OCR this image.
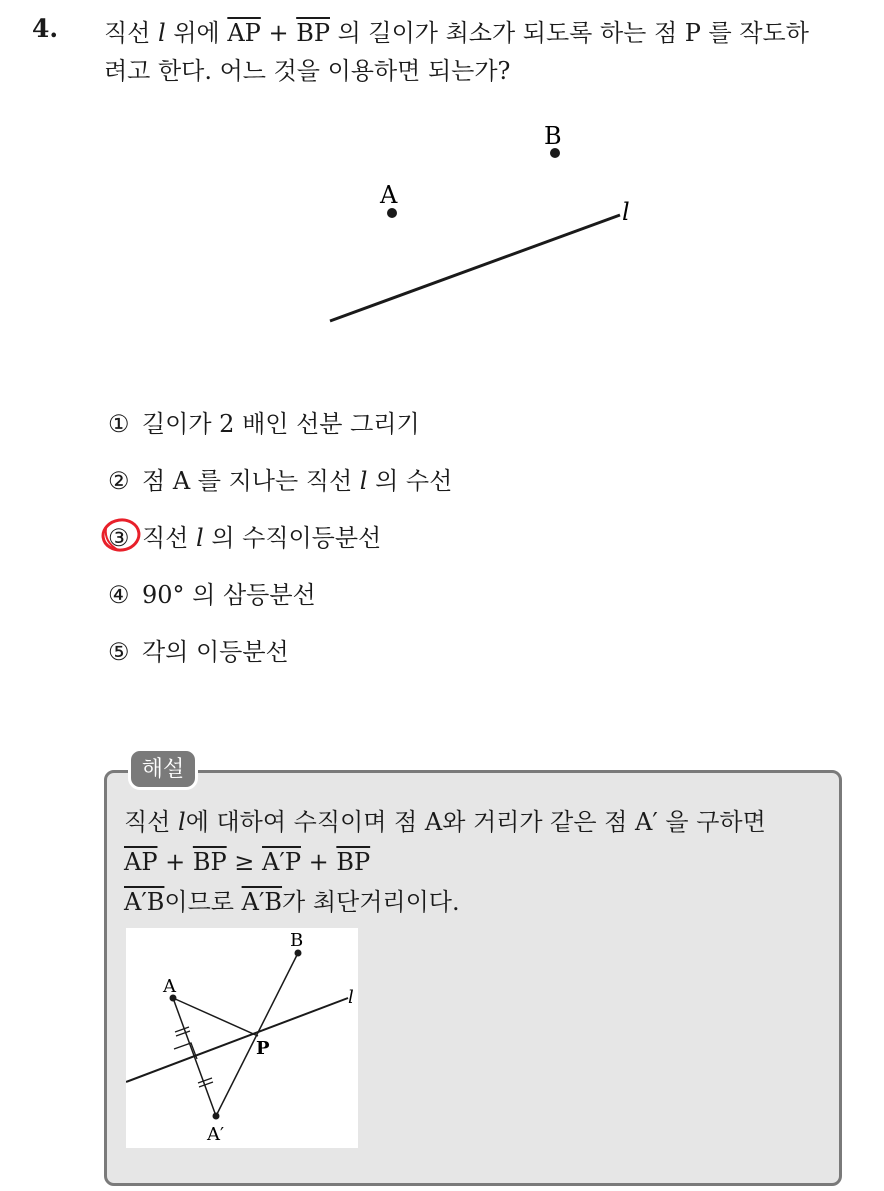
4. 직선 l 위에 $\overline{AP} + \overline{BP}$ 의 길이가 최소가 되도록 하는 점 P 를 작도하
려고 한다. 어느 것을 이용하면 되는가?
A
B
l
① 길이가 2 배인 선분 그리기
② 점 A 를 지나는 직선 l 의 수선
③ 직선 l 의 수직이등분선
④ 90° 의 삼등분선
⑤ 각의 이등분선
해설
직선 l에 대하여 수직이며 점 A와 거리가 같은 점 A′ 을 구하면
$\overline{AP} + \overline{BP} \ge A'P + \overline{BP}$
A′B이므로 A′B가 최단거리이다.
A
B
P
A′
l
